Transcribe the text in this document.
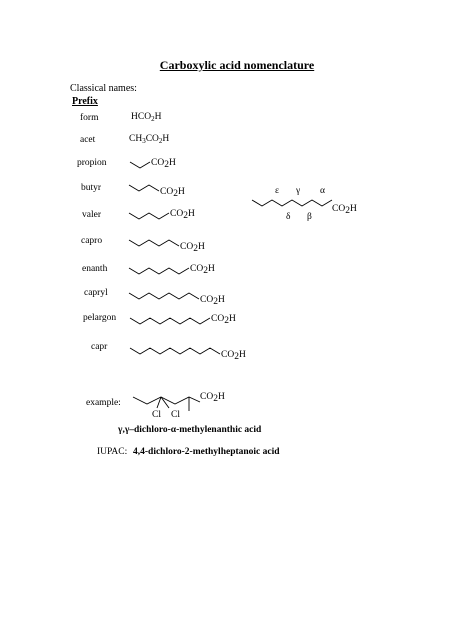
Carboxylic acid nomenclature
Classical names:
Prefix
form
acet
propion
butyr
valer
capro
enanth
capryl
pelargon
capr
$HCO_2H$
$CH_3CO_2H$
CO2H
CO2H
CO2H
CO2H
CO2H
CO2H
CO2H
CO2H
CO2H
ε γ α
δ β
CO2H
Cl Cl
example:
γ,γ–dichloro-α-methylenanthic acid
IUPAC: 4,4-dichloro-2-methylheptanoic acid
